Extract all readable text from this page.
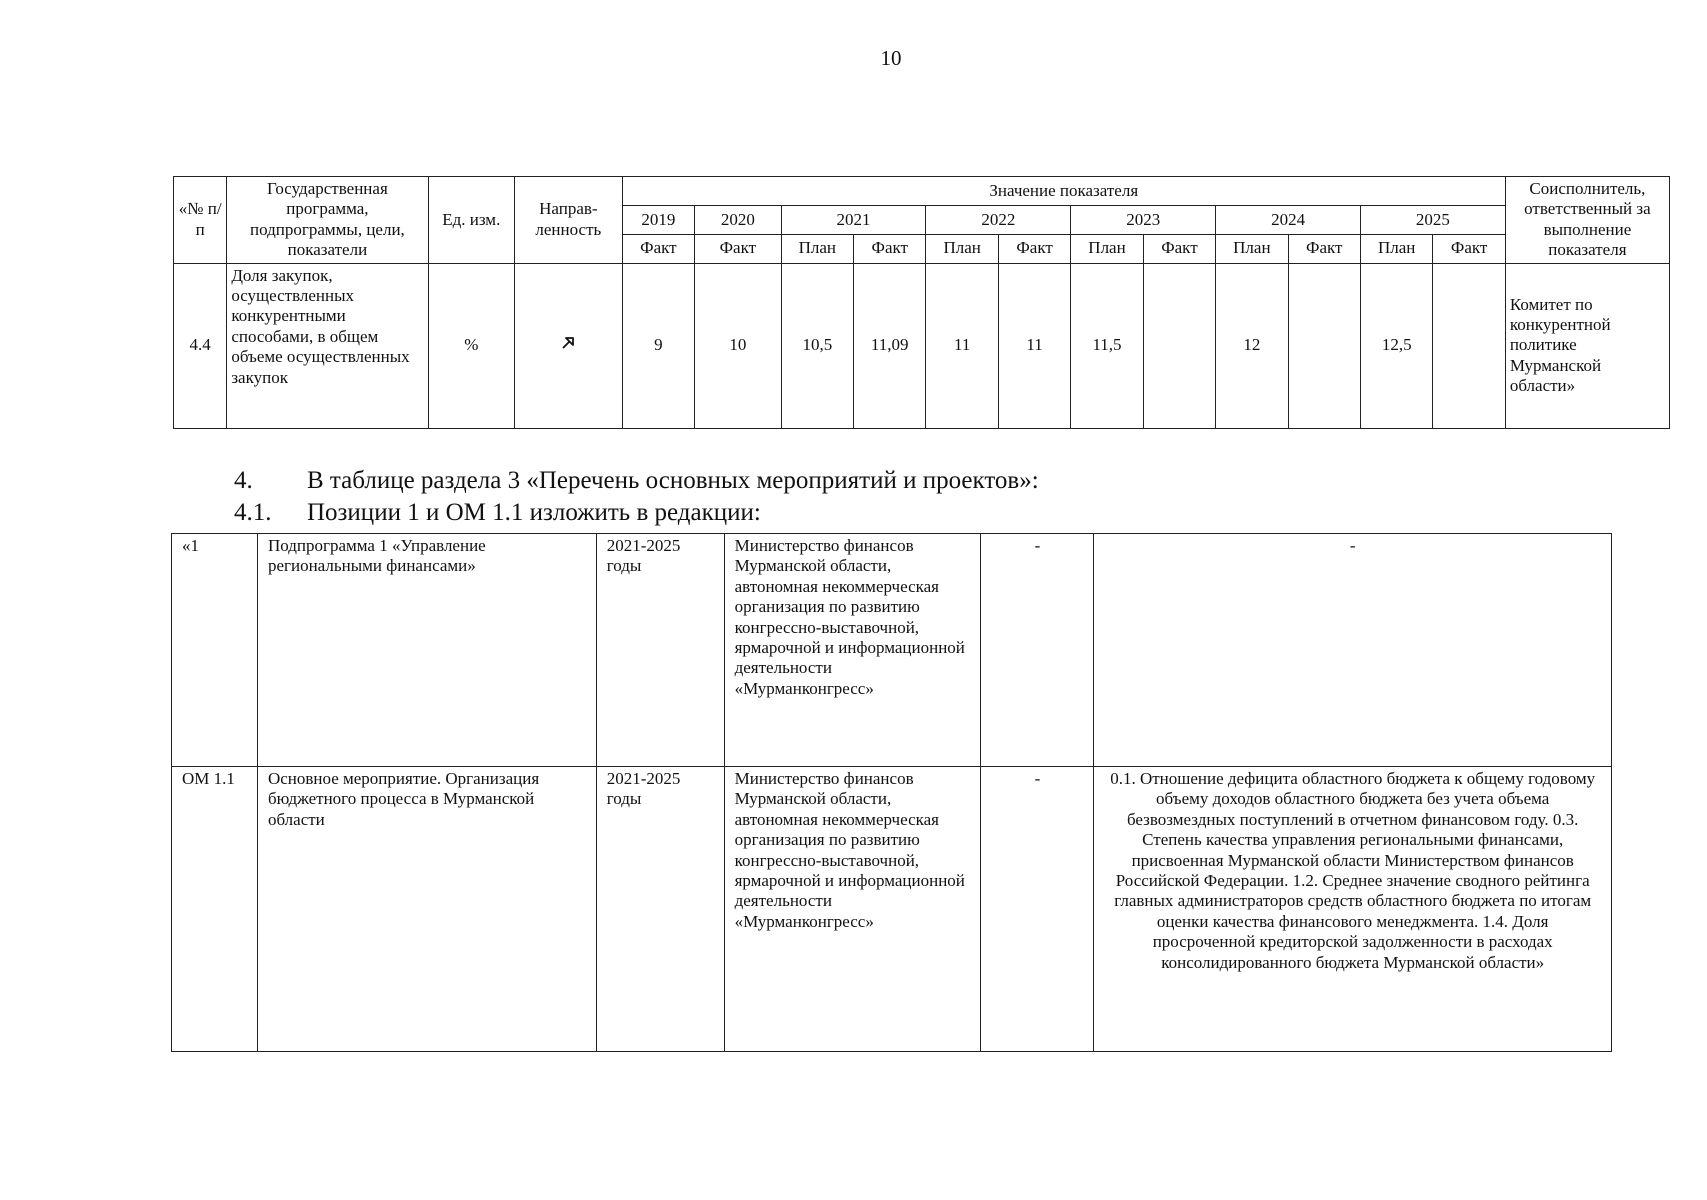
10
«№ п/п	Государственная программа, подпрограммы, цели, показатели	Ед. изм.	Направ-ленность	Значение показателя												Соисполнитель, ответственный за выполнение показателя
				2019	2020	2021		2022		2023		2024		2025		
				Факт	Факт	План	Факт	План	Факт	План	Факт	План	Факт	План	Факт	
4.4	Доля закупок, осуществленных конкурентными способами, в общем объеме осуществленных закупок	%		9	10	10,5	11,09	11	11	11,5		12		12,5		Комитет по конкурентной политике Мурманской области»
4. В таблице раздела 3 «Перечень основных мероприятий и проектов»:
4.1. Позиции 1 и ОМ 1.1 изложить в редакции:
«1	Подпрограмма 1 «Управление региональными финансами»	2021-2025 годы	Министерство финансов Мурманской области, автономная некоммерческая организация по развитию конгрессно-выставочной, ярмарочной и информационной деятельности «Мурманконгресс»	-	-
ОМ 1.1	Основное мероприятие. Организация бюджетного процесса в Мурманской области	2021-2025 годы	Министерство финансов Мурманской области, автономная некоммерческая организация по развитию конгрессно-выставочной, ярмарочной и информационной деятельности «Мурманконгресс»	-	0.1. Отношение дефицита областного бюджета к общему годовому объему доходов областного бюджета без учета объема безвозмездных поступлений в отчетном финансовом году. 0.3. Степень качества управления региональными финансами, присвоенная Мурманской области Министерством финансов Российской Федерации. 1.2. Среднее значение сводного рейтинга главных администраторов средств областного бюджета по итогам оценки качества финансового менеджмента. 1.4. Доля просроченной кредиторской задолженности в расходах консолидированного бюджета Мурманской области»
